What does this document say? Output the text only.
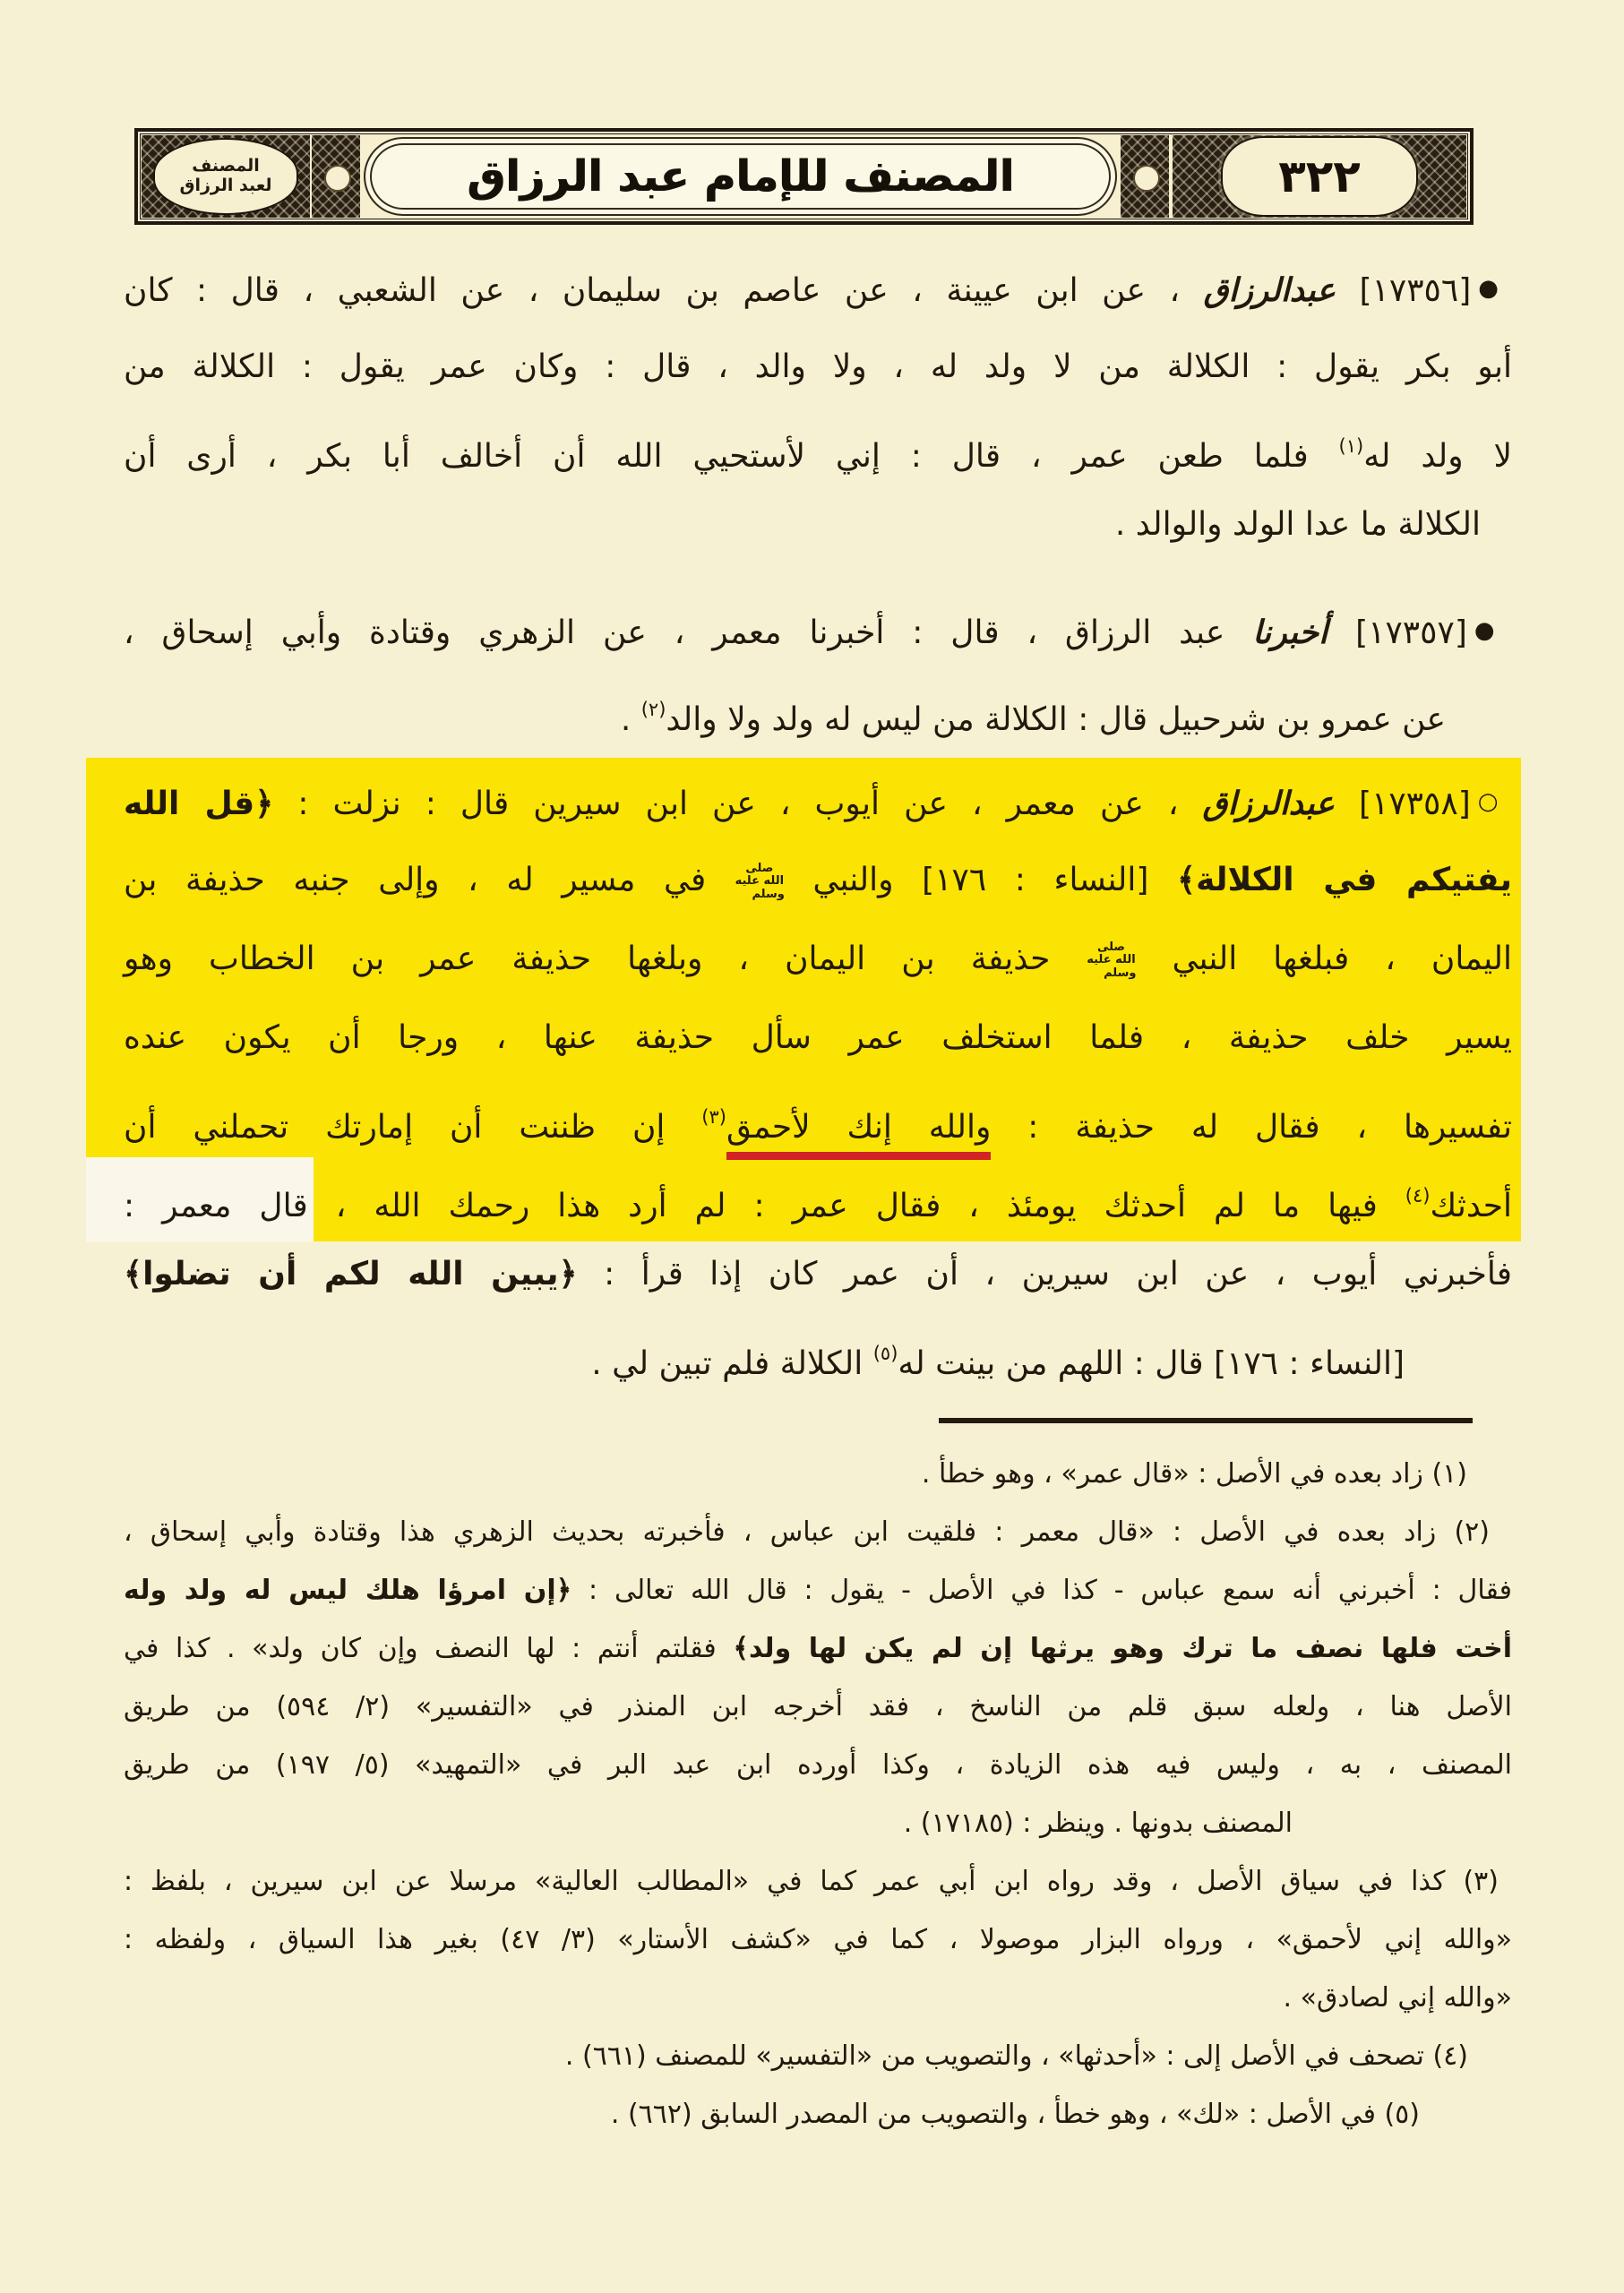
المصنف
لعبد الرزاق	المصنف للإمام عبد الرزاق	٣٢٢
●[١٧٣٥٦] عبدالرزاق ، عن ابن عيينة ، عن عاصم بن سليمان ، عن الشعبي ، قال : كان
أبو بكر يقول : الكلالة من لا ولد له ، ولا والد ، قال : وكان عمر يقول : الكلالة من
لا ولد له$^{(١)}$ فلما طعن عمر ، قال : إني لأستحيي الله أن أخالف أبا بكر ، أرى أن
الكلالة ما عدا الولد والوالد .
●[١٧٣٥٧] أخبرنا عبد الرزاق ، قال : أخبرنا معمر ، عن الزهري وقتادة وأبي إسحاق ،
عن عمرو بن شرحبيل قال : الكلالة من ليس له ولد ولا والد$^{(٢)}$ .
○[١٧٣٥٨] عبدالرزاق ، عن معمر ، عن أيوب ، عن ابن سيرين قال : نزلت : ﴿قل الله
يفتيكم في الكلالة﴾ [النساء : ١٧٦] والنبي صلى الله عليه وسلم في مسير له ، وإلى جنبه حذيفة بن
اليمان ، فبلغها النبي صلى الله عليه وسلم حذيفة بن اليمان ، وبلغها حذيفة عمر بن الخطاب وهو
يسير خلف حذيفة ، فلما استخلف عمر سأل حذيفة عنها ، ورجا أن يكون عنده
تفسيرها ، فقال له حذيفة : والله إنك لأحمق$^{(٣)}$ إن ظننت أن إمارتك تحملني أن
أحدثك$^{(٤)}$ فيها ما لم أحدثك يومئذ ، فقال عمر : لم أرد هذا رحمك الله ، قال معمر :
فأخبرني أيوب ، عن ابن سيرين ، أن عمر كان إذا قرأ : ﴿يبين الله لكم أن تضلوا﴾
[النساء : ١٧٦] قال : اللهم من بينت له$^{(٥)}$ الكلالة فلم تبين لي .
(١) زاد بعده في الأصل : «قال عمر» ، وهو خطأ .
(٢) زاد بعده في الأصل : «قال معمر : فلقيت ابن عباس ، فأخبرته بحديث الزهري هذا وقتادة وأبي إسحاق ،
فقال : أخبرني أنه سمع عباس - كذا في الأصل - يقول : قال الله تعالى : ﴿إن امرؤا هلك ليس له ولد وله
أخت فلها نصف ما ترك وهو يرثها إن لم يكن لها ولد﴾ فقلتم أنتم : لها النصف وإن كان ولد» . كذا في
الأصل هنا ، ولعله سبق قلم من الناسخ ، فقد أخرجه ابن المنذر في «التفسير» (٢/ ٥٩٤) من طريق
المصنف ، به ، وليس فيه هذه الزيادة ، وكذا أورده ابن عبد البر في «التمهيد» (٥/ ١٩٧) من طريق
المصنف بدونها . وينظر : (١٧١٨٥) .
(٣) كذا في سياق الأصل ، وقد رواه ابن أبي عمر كما في «المطالب العالية» مرسلا عن ابن سيرين ، بلفظ :
«والله إني لأحمق» ، ورواه البزار موصولا ، كما في «كشف الأستار» (٣/ ٤٧) بغير هذا السياق ، ولفظه :
«والله إني لصادق» .
(٤) تصحف في الأصل إلى : «أحدثها» ، والتصويب من «التفسير» للمصنف (٦٦١) .
(٥) في الأصل : «لك» ، وهو خطأ ، والتصويب من المصدر السابق (٦٦٢) .
